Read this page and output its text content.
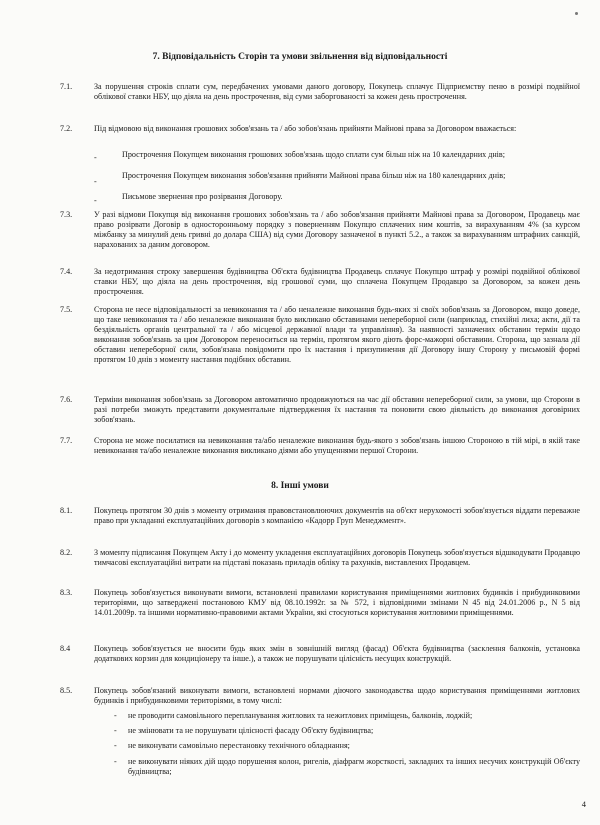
7. Відповідальність Сторін та умови звільнення від відповідальності
7.1.	За порушення строків сплати сум, передбачених умовами даного договору, Покупець сплачує Підприємству пеню в розмірі подвійної облікової ставки НБУ, що діяла на день прострочення, від суми заборгованості за кожен день прострочення.
7.2.	Під відмовою від виконання грошових зобов'язань та / або зобов'язань прийняти Майнові права за Договором вважається:
-	Прострочення Покупцем виконання грошових зобов'язань щодо сплати сум більш ніж на 10 календарних днів;
-
Прострочення Покупцем виконання зобов'язання прийняти Майнові права більш ніж на 180 календарних днів;
-	Письмове звернення про розірвання Договору.
7.3.	У разі відмови Покупця від виконання грошових зобов'язань та / або зобов'язання прийняти Майнові права за Договором, Продавець має право розірвати Договір в односторонньому порядку з поверненням Покупцю сплачених ним коштів, за вирахуванням 4% (за курсом міжбанку за минулий день гривні до долара США) від суми Договору зазначеної в пункті 5.2., а також за вирахуванням штрафних санкцій, нарахованих за даним договором.
7.4.	За недотримання строку завершення будівництва Об'єкта будівництва Продавець сплачує Покупцю штраф у розмірі подвійної облікової ставки НБУ, що діяла на день прострочення, від грошової суми, що сплачена Покупцем Продавцю за Договором, за кожен день прострочення.
7.5.	Сторона не несе відповідальності за невиконання та / або неналежне виконання будь-яких зі своїх зобов'язань за Договором, якщо доведе, що таке невиконання та / або неналежне виконання було викликано обставинами непереборної сили (наприклад, стихійні лиха; акти, дії та бездіяльність органів центральної та / або місцевої державної влади та управління). За наявності зазначених обставин термін щодо виконання зобов'язань за цим Договором переноситься на термін, протягом якого діють форс-мажорні обставини. Сторона, що зазнала дії обставин непереборної сили, зобов'язана повідомити про їх настання і призупинення дії Договору іншу Сторону у письмовій формі протягом 10 днів з моменту настання подібних обставин.
7.6.	Терміни виконання зобов'язань за Договором автоматично продовжуються на час дії обставин непереборної сили, за умови, що Сторони в разі потреби зможуть представити документальне підтвердження їх настання та поновити свою діяльність до виконання договірних зобов'язань.
7.7.	Сторона не може посилатися на невиконання та/або неналежне виконання будь-якого з зобов'язань іншою Стороною в тій мірі, в якій таке невиконання та/або неналежне виконання викликано діями або упущеннями першої Сторони.
8. Інші умови
8.1.	Покупець протягом 30 днів з моменту отримання правовстановлюючих документів на об'єкт нерухомості зобов'язується віддати переважне право при укладанні експлуатаційних договорів з компанією «Кадорр Груп Менеджмент».
8.2.	З моменту підписання Покупцем Акту і до моменту укладення експлуатаційних договорів Покупець зобов'язується відшкодувати Продавцю тимчасові експлуатаційні витрати на підставі показань приладів обліку та рахунків, виставлених Продавцем.
8.3.	Покупець зобов'язується виконувати вимоги, встановлені правилами користування приміщеннями житлових будинків і прибудинковими територіями, що затверджені постановою КМУ від 08.10.1992г. за № 572, і відповідними змінами N 45 від 24.01.2006 р., N 5 від 14.01.2009р. та іншими нормативно-правовими актами України, які стосуються користування житловими приміщеннями.
8.4	Покупець зобов'язується не вносити будь яких змін в зовнішній вигляд (фасад) Об'єкта будівництва (засклення балконів, установка додаткових корзин для кондиціонеру та інше.), а також не порушувати цілісність несущих конструкцій.
8.5.	Покупець зобов'язаний виконувати вимоги, встановлені нормами діючого законодавства щодо користування приміщеннями житлових будинків і прибудинковими територіями, в тому числі:
- не проводити самовільного перепланування житлових та нежитлових приміщень, балконів, лоджій;
- не змінювати та не порушувати цілісності фасаду Об'єкту будівництва;
- не виконувати самовільно перестановку технічного обладнання;
- не виконувати ніяких дій щодо порушення колон, ригелів, діафрагм жорсткості, закладних та інших несучих конструкцій Об'єкту будівництва;
4
